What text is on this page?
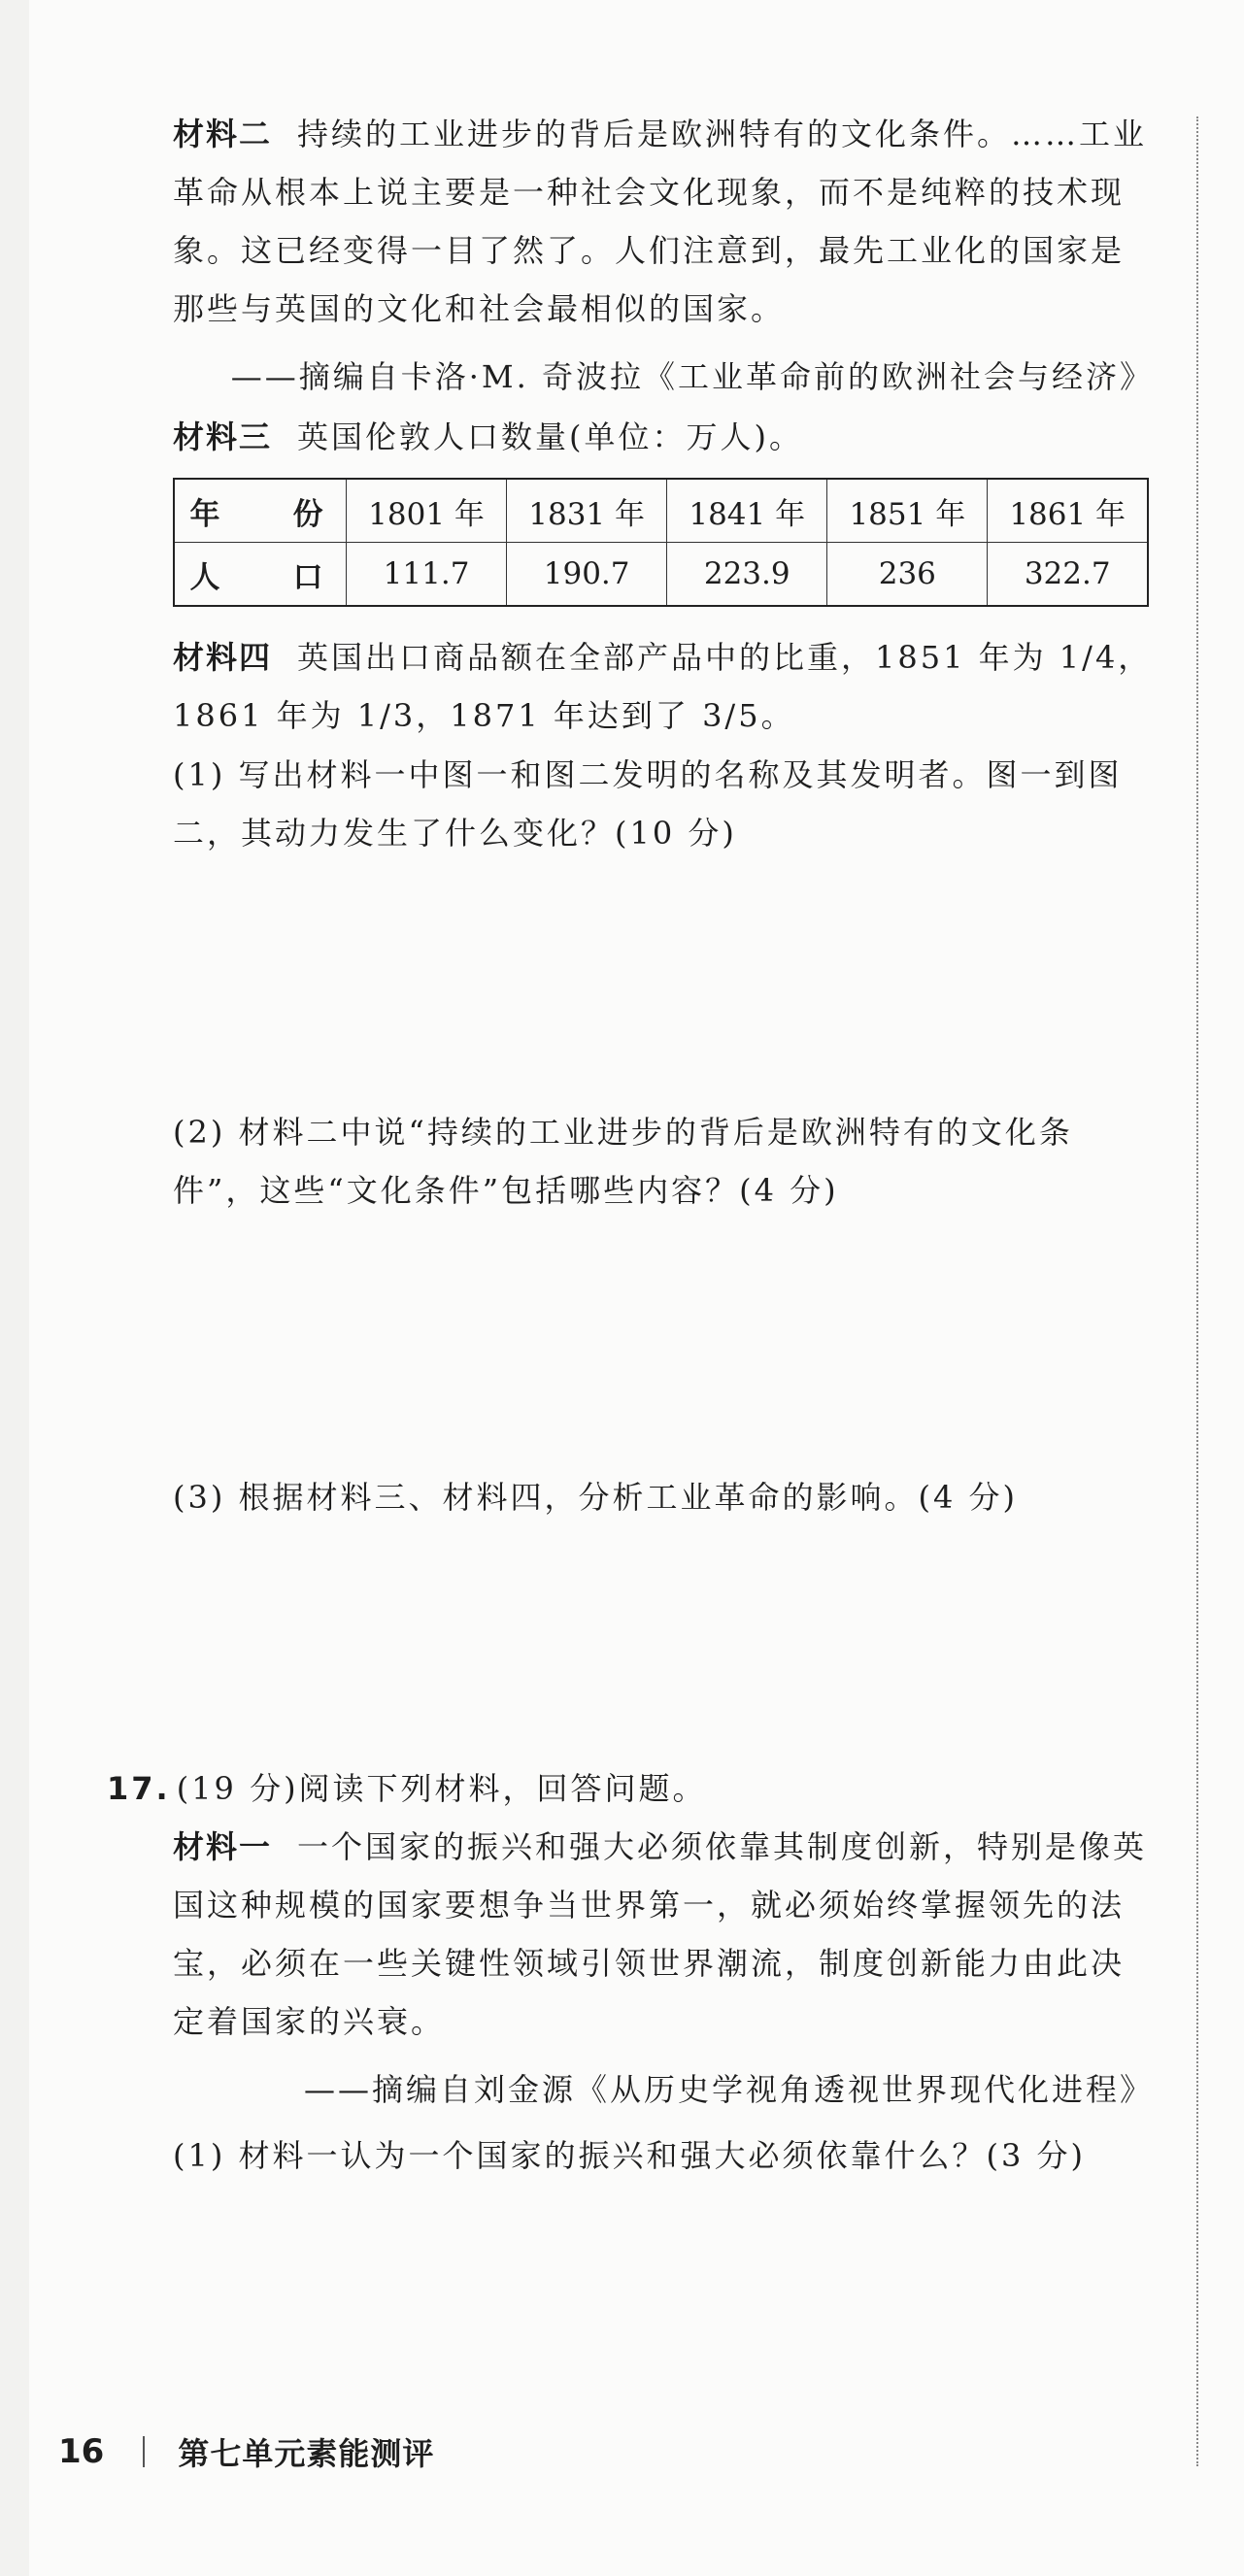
材料二 持续的工业进步的背后是欧洲特有的文化条件。……工业革命从根本上说主要是一种社会文化现象，而不是纯粹的技术现象。这已经变得一目了然了。人们注意到，最先工业化的国家是那些与英国的文化和社会最相似的国家。
——摘编自卡洛·M. 奇波拉《工业革命前的欧洲社会与经济》
材料三 英国伦敦人口数量(单位：万人)。
年　份	1801 年	1831 年	1841 年	1851 年	1861 年
人　口	111.7	190.7	223.9	236	322.7
材料四 英国出口商品额在全部产品中的比重，1851 年为 1/4，1861 年为 1/3，1871 年达到了 3/5。
(1) 写出材料一中图一和图二发明的名称及其发明者。图一到图二，其动力发生了什么变化？(10 分)
(2) 材料二中说“持续的工业进步的背后是欧洲特有的文化条件”，这些“文化条件”包括哪些内容？(4 分)
(3) 根据材料三、材料四，分析工业革命的影响。(4 分)
17. (19 分)阅读下列材料，回答问题。
材料一 一个国家的振兴和强大必须依靠其制度创新，特别是像英国这种规模的国家要想争当世界第一，就必须始终掌握领先的法宝，必须在一些关键性领域引领世界潮流，制度创新能力由此决定着国家的兴衰。
——摘编自刘金源《从历史学视角透视世界现代化进程》
(1) 材料一认为一个国家的振兴和强大必须依靠什么？(3 分)
16 第七单元素能测评
